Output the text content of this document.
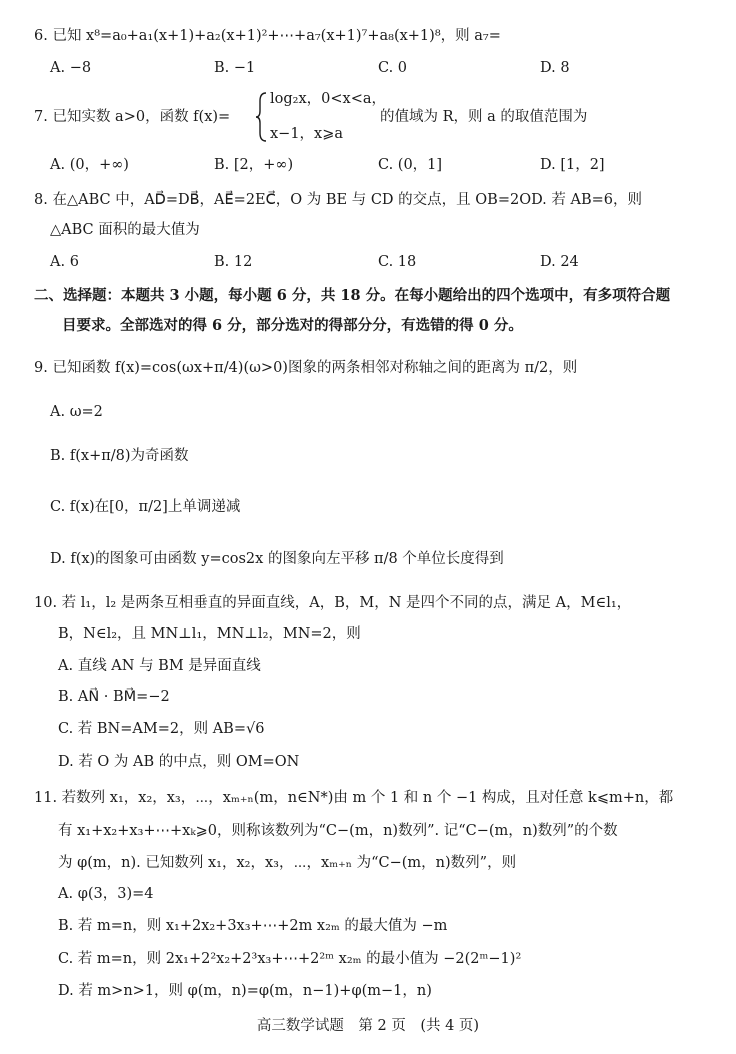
6. 已知 x⁸=a₀+a₁(x+1)+a₂(x+1)²+⋯+a₇(x+1)⁷+a₈(x+1)⁸，则 a₇=
A. −8	B. −1	C. 0	D. 8
7. 已知实数 a>0，函数 f(x)=
log₂x，0<x<a，
x−1，x⩾a
的值域为 R，则 a 的取值范围为
A. (0，+∞)	B. [2，+∞)	C. (0，1]	D. [1，2]
8. 在△ABC 中，AD⃗=DB⃗，AE⃗=2EC⃗，O 为 BE 与 CD 的交点，且 OB=2OD. 若 AB=6，则
△ABC 面积的最大值为
A. 6	B. 12	C. 18	D. 24
二、选择题：本题共 3 小题，每小题 6 分，共 18 分。在每小题给出的四个选项中，有多项符合题
目要求。全部选对的得 6 分，部分选对的得部分分，有选错的得 0 分。
9. 已知函数 f(x)=cos(ωx+π/4)(ω>0)图象的两条相邻对称轴之间的距离为 π/2，则
A. ω=2
B. f(x+π/8)为奇函数
C. f(x)在[0，π/2]上单调递减
D. f(x)的图象可由函数 y=cos2x 的图象向左平移 π/8 个单位长度得到
10. 若 l₁，l₂ 是两条互相垂直的异面直线，A，B，M，N 是四个不同的点，满足 A，M∈l₁，
B，N∈l₂，且 MN⊥l₁，MN⊥l₂，MN=2，则
A. 直线 AN 与 BM 是异面直线
B. AN⃗ · BM⃗=−2
C. 若 BN=AM=2，则 AB=√6
D. 若 O 为 AB 的中点，则 OM=ON
11. 若数列 x₁，x₂，x₃，⋯，xₘ₊ₙ(m，n∈N*)由 m 个 1 和 n 个 −1 构成，且对任意 k⩽m+n，都
有 x₁+x₂+x₃+⋯+xₖ⩾0，则称该数列为“C−(m，n)数列”. 记“C−(m，n)数列”的个数
为 φ(m，n). 已知数列 x₁，x₂，x₃，⋯，xₘ₊ₙ 为“C−(m，n)数列”，则
A. φ(3，3)=4
B. 若 m=n，则 x₁+2x₂+3x₃+⋯+2m x₂ₘ 的最大值为 −m
C. 若 m=n，则 2x₁+2²x₂+2³x₃+⋯+2²ᵐ x₂ₘ 的最小值为 −2(2ᵐ−1)²
D. 若 m>n>1，则 φ(m，n)=φ(m，n−1)+φ(m−1，n)
高三数学试题　第 2 页　(共 4 页)
